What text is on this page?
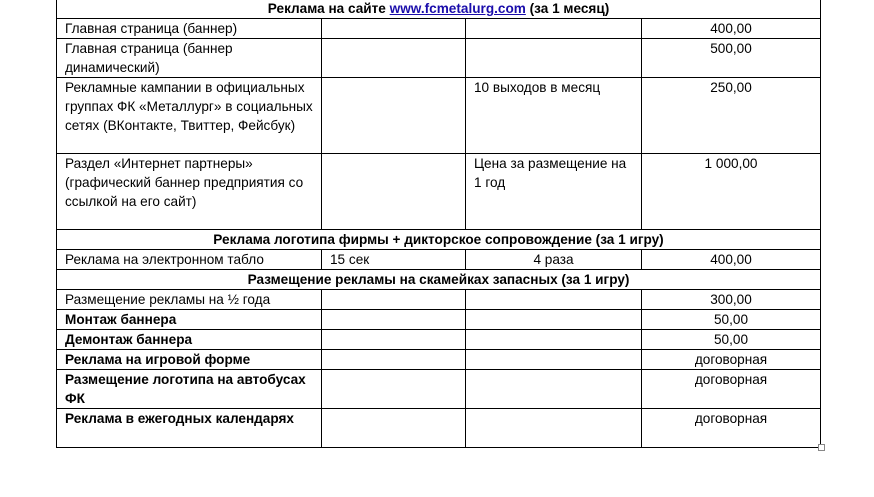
Реклама на сайте www.fcmetalurg.com (за 1 месяц)			
Главная страница (баннер)			400,00
Главная страница (баннер динамический)			500,00
Рекламные кампании в официальных группах ФК «Металлург» в социальных сетях (ВКонтакте, Твиттер, Фейсбук)		10 выходов в месяц	250,00
Раздел «Интернет партнеры» (графический баннер предприятия со ссылкой на его сайт)		Цена за размещение на 1 год	1 000,00
Реклама логотипа фирмы + дикторское сопровождение (за 1 игру)			
Реклама на электронном табло	15 сек	4 раза	400,00
Размещение рекламы на скамейках запасных (за 1 игру)			
Размещение рекламы на ½ года			300,00
Монтаж баннера			50,00
Демонтаж баннера			50,00
Реклама на игровой форме			договорная
Размещение логотипа на автобусах ФК			договорная
Реклама в ежегодных календарях			договорная
